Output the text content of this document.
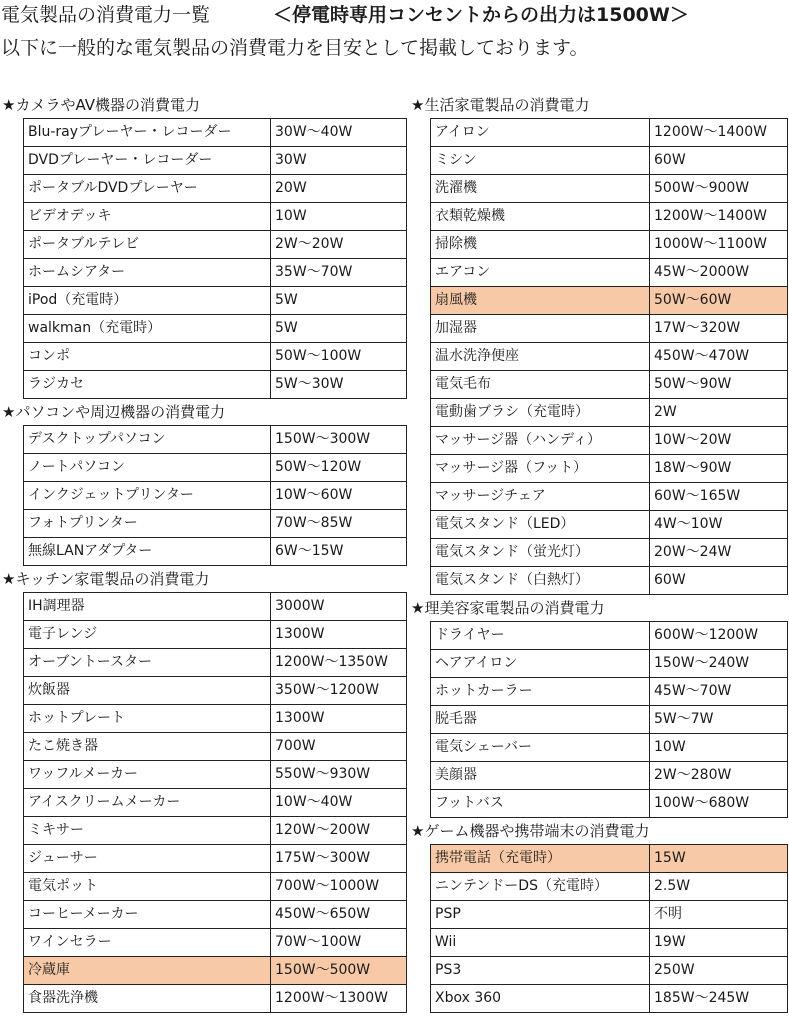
電気製品の消費電力一覧	＜停電時専用コンセントからの出力は1500W＞
以下に一般的な電気製品の消費電力を目安として掲載しております。
★カメラやAV機器の消費電力
Blu-rayプレーヤー・レコーダー	30W〜40W
DVDプレーヤー・レコーダー	30W
ポータブルDVDプレーヤー	20W
ビデオデッキ	10W
ポータブルテレビ	2W〜20W
ホームシアター	35W〜70W
iPod（充電時）	5W
walkman（充電時）	5W
コンポ	50W〜100W
ラジカセ	5W〜30W
★パソコンや周辺機器の消費電力
デスクトップパソコン	150W〜300W
ノートパソコン	50W〜120W
インクジェットプリンター	10W〜60W
フォトプリンター	70W〜85W
無線LANアダプター	6W〜15W
★キッチン家電製品の消費電力
IH調理器	3000W
電子レンジ	1300W
オーブントースター	1200W〜1350W
炊飯器	350W〜1200W
ホットプレート	1300W
たこ焼き器	700W
ワッフルメーカー	550W〜930W
アイスクリームメーカー	10W〜40W
ミキサー	120W〜200W
ジューサー	175W〜300W
電気ポット	700W〜1000W
コーヒーメーカー	450W〜650W
ワインセラー	70W〜100W
冷蔵庫	150W〜500W
食器洗浄機	1200W〜1300W
★生活家電製品の消費電力
アイロン	1200W〜1400W
ミシン	60W
洗濯機	500W〜900W
衣類乾燥機	1200W〜1400W
掃除機	1000W〜1100W
エアコン	45W〜2000W
扇風機	50W〜60W
加湿器	17W〜320W
温水洗浄便座	450W〜470W
電気毛布	50W〜90W
電動歯ブラシ（充電時）	2W
マッサージ器（ハンディ）	10W〜20W
マッサージ器（フット）	18W〜90W
マッサージチェア	60W〜165W
電気スタンド（LED）	4W〜10W
電気スタンド（蛍光灯）	20W〜24W
電気スタンド（白熱灯）	60W
★理美容家電製品の消費電力
ドライヤー	600W〜1200W
ヘアアイロン	150W〜240W
ホットカーラー	45W〜70W
脱毛器	5W〜7W
電気シェーバー	10W
美顔器	2W〜280W
フットバス	100W〜680W
★ゲーム機器や携帯端末の消費電力
携帯電話（充電時）	15W
ニンテンドーDS（充電時）	2.5W
PSP	不明
Wii	19W
PS3	250W
Xbox 360	185W〜245W
